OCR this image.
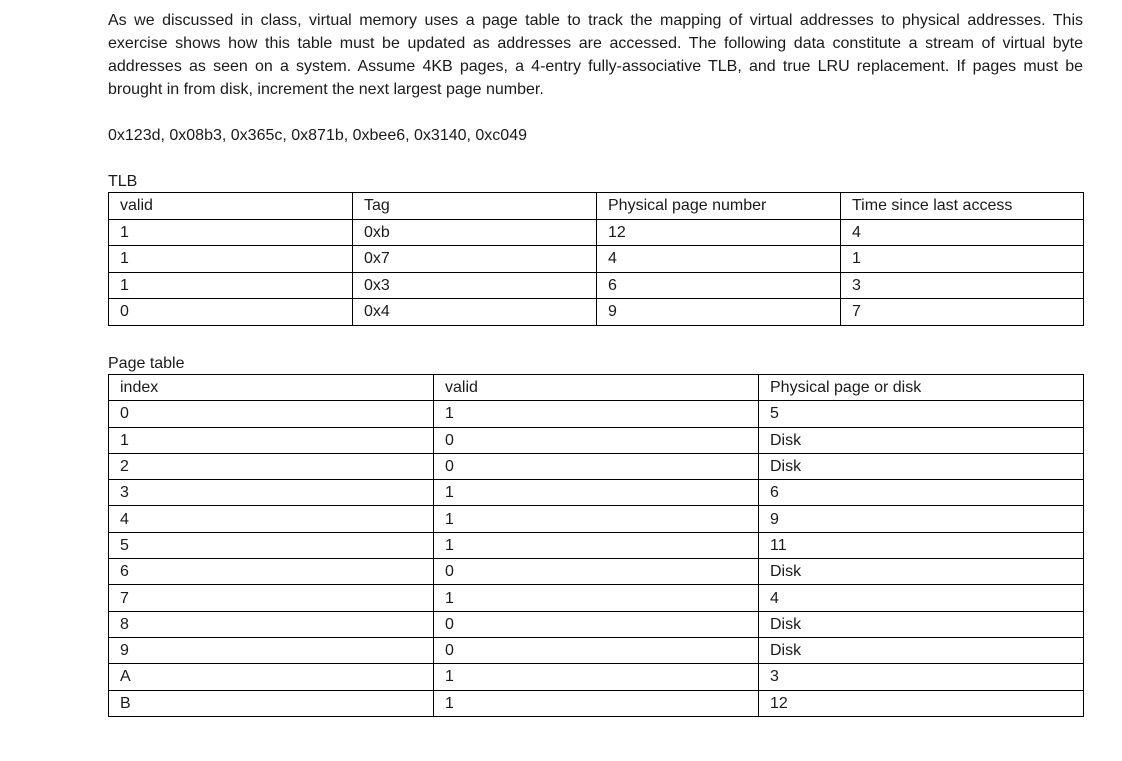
As we discussed in class, virtual memory uses a page table to track the mapping of virtual addresses to physical addresses. This exercise shows how this table must be updated as addresses are accessed. The following data constitute a stream of virtual byte addresses as seen on a system. Assume 4KB pages, a 4-entry fully-associative TLB, and true LRU replacement. If pages must be brought in from disk, increment the next largest page number.

0x123d, 0x08b3, 0x365c, 0x871b, 0xbee6, 0x3140, 0xc049

TLB

valid	Tag	Physical page number	Time since last access
1	0xb	12	4
1	0x7	4	1
1	0x3	6	3
0	0x4	9	7

Page table

index	valid	Physical page or disk
0	1	5
1	0	Disk
2	0	Disk
3	1	6
4	1	9
5	1	11
6	0	Disk
7	1	4
8	0	Disk
9	0	Disk
A	1	3
B	1	12
